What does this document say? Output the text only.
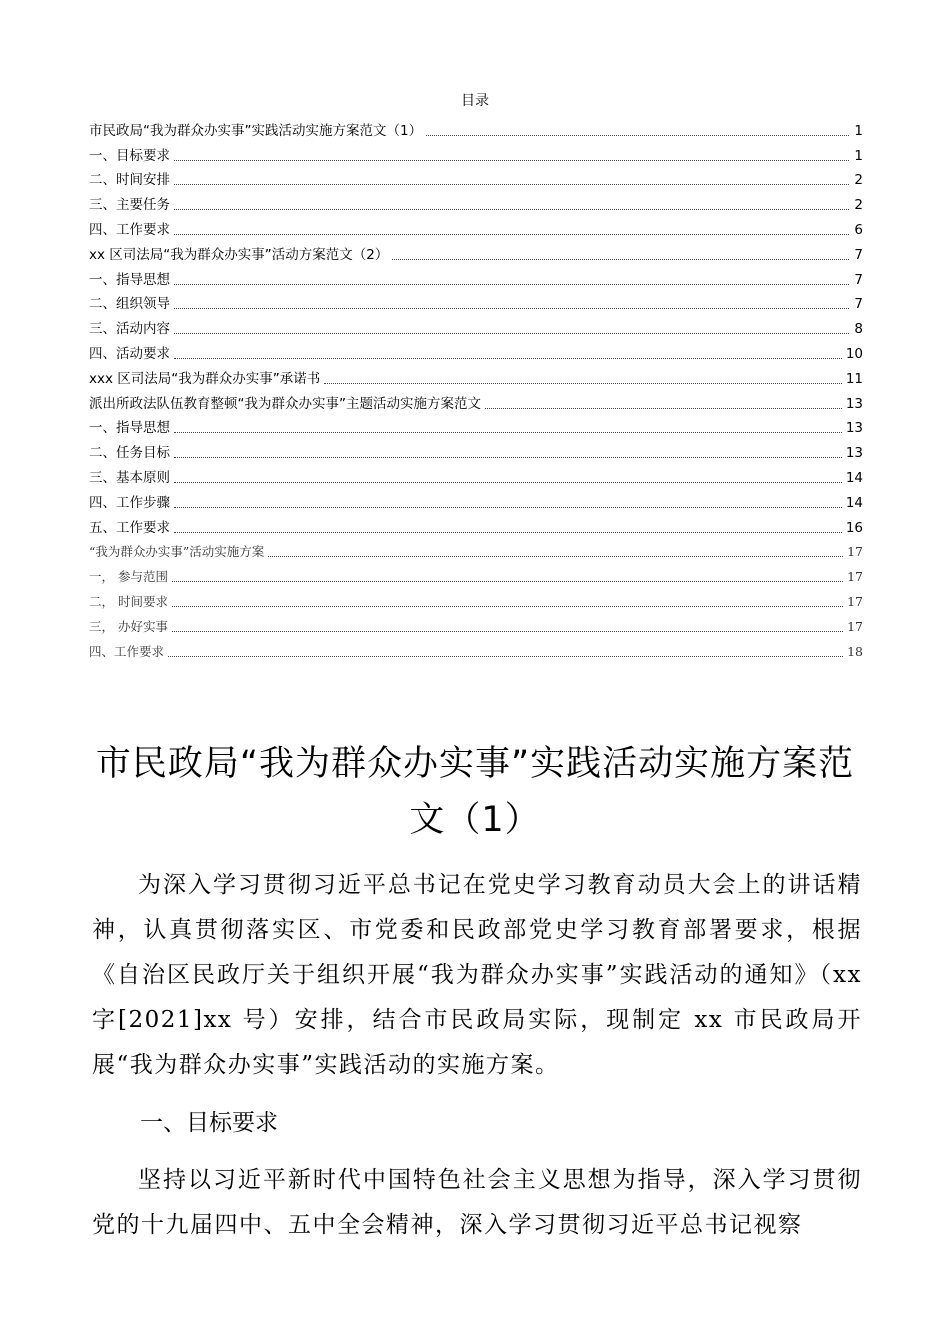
目录
市民政局“我为群众办实事”实践活动实施方案范文（1）	1
一、目标要求	1
二、时间安排	2
三、主要任务	2
四、工作要求	6
xx 区司法局“我为群众办实事”活动方案范文（2）	7
一、指导思想	7
二、组织领导	7
三、活动内容	8
四、活动要求	10
xxx 区司法局“我为群众办实事”承诺书	11
派出所政法队伍教育整顿“我为群众办实事”主题活动实施方案范文	13
一、指导思想	13
二、任务目标	13
三、基本原则	14
四、工作步骤	14
五、工作要求	16
“我为群众办实事”活动实施方案	17
一， 参与范围	17
二， 时间要求	17
三， 办好实事	17
四、工作要求	18
市民政局“我为群众办实事”实践活动实施方案范文（1）
为深入学习贯彻习近平总书记在党史学习教育动员大会上的讲话精神，认真贯彻落实区、市党委和民政部党史学习教育部署要求，根据《自治区民政厅关于组织开展“我为群众办实事”实践活动的通知》（xx 字[2021]xx 号）安排，结合市民政局实际，现制定 xx 市民政局开展“我为群众办实事”实践活动的实施方案。
一、目标要求
坚持以习近平新时代中国特色社会主义思想为指导，深入学习贯彻党的十九届四中、五中全会精神，深入学习贯彻习近平总书记视察
